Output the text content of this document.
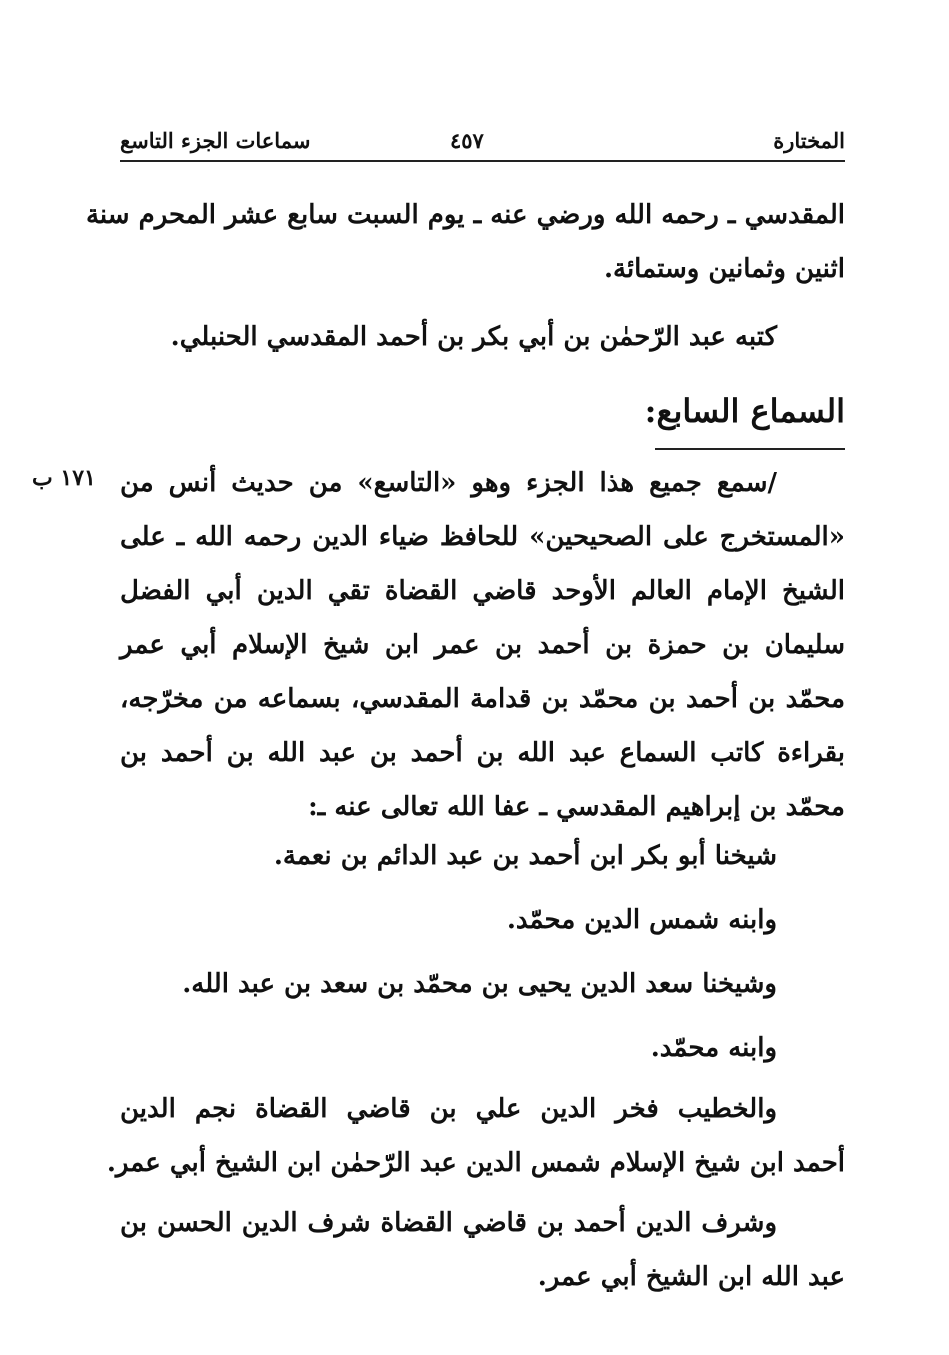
المختارة
٤٥٧
سماعات الجزء التاسع
المقدسي ـ رحمه الله ورضي عنه ـ يوم السبت سابع عشر المحرم سنة
اثنين وثمانين وستمائة.
كتبه عبد الرّحمٰن بن أبي بكر بن أحمد المقدسي الحنبلي.
السماع السابع:
١٧١ ب /سمع جميع هذا الجزء وهو «التاسع» من حديث أنس من
«المستخرج على الصحيحين» للحافظ ضياء الدين رحمه الله ـ على
الشيخ الإمام العالم الأوحد قاضي القضاة تقي الدين أبي الفضل
سليمان بن حمزة بن أحمد بن عمر ابن شيخ الإسلام أبي عمر
محمّد بن أحمد بن محمّد بن قدامة المقدسي، بسماعه من مخرّجه،
بقراءة كاتب السماع عبد الله بن أحمد بن عبد الله بن أحمد بن
محمّد بن إبراهيم المقدسي ـ عفا الله تعالى عنه ـ:
شيخنا أبو بكر ابن أحمد بن عبد الدائم بن نعمة.
وابنه شمس الدين محمّد.
وشيخنا سعد الدين يحيى بن محمّد بن سعد بن عبد الله.
وابنه محمّد.
والخطيب فخر الدين علي بن قاضي القضاة نجم الدين
أحمد ابن شيخ الإسلام شمس الدين عبد الرّحمٰن ابن الشيخ أبي عمر.
وشرف الدين أحمد بن قاضي القضاة شرف الدين الحسن بن
عبد الله ابن الشيخ أبي عمر.
